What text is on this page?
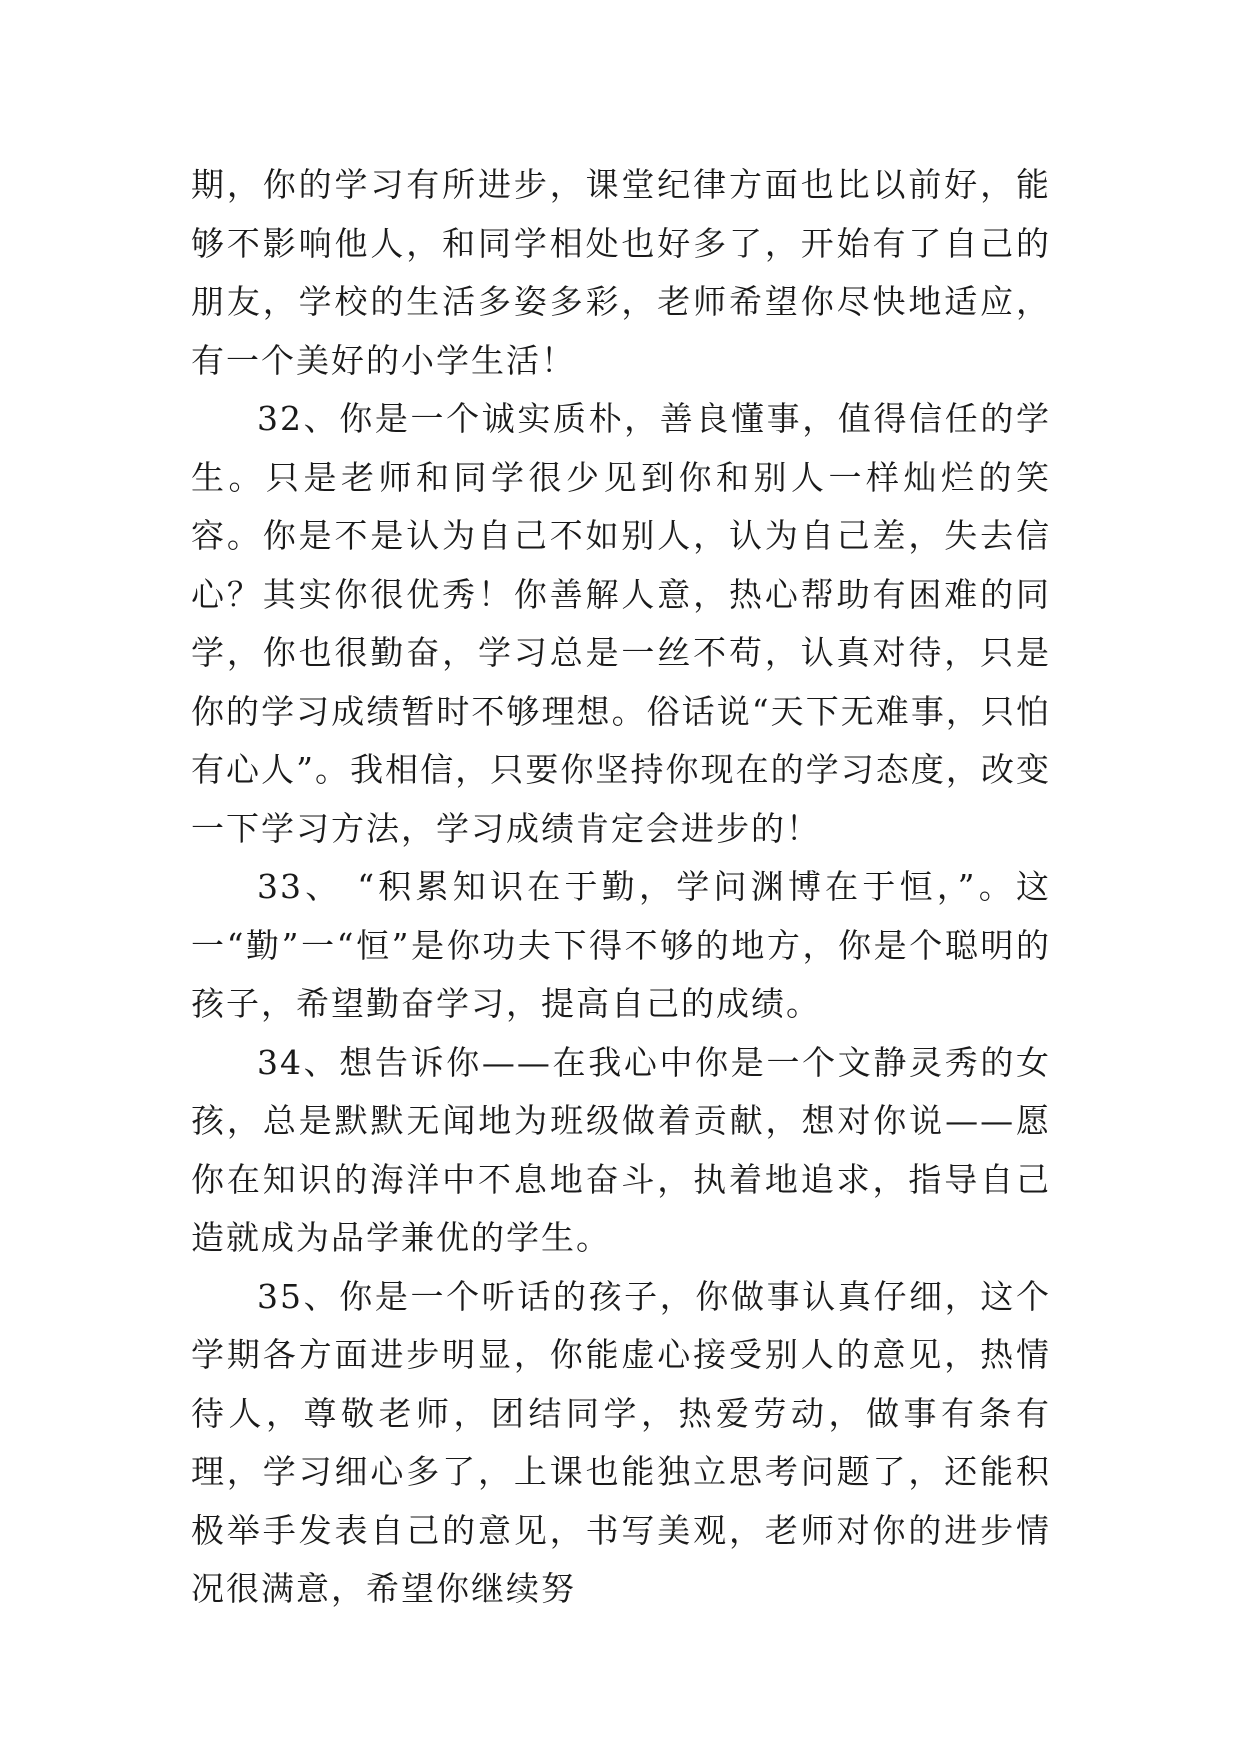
期，你的学习有所进步，课堂纪律方面也比以前好，能够不影响他人，和同学相处也好多了，开始有了自己的朋友，学校的生活多姿多彩，老师希望你尽快地适应，有一个美好的小学生活！

32、你是一个诚实质朴，善良懂事，值得信任的学生。只是老师和同学很少见到你和别人一样灿烂的笑容。你是不是认为自己不如别人，认为自己差，失去信心？其实你很优秀！你善解人意，热心帮助有困难的同学，你也很勤奋，学习总是一丝不苟，认真对待，只是你的学习成绩暂时不够理想。俗话说“天下无难事，只怕有心人”。我相信，只要你坚持你现在的学习态度，改变一下学习方法，学习成绩肯定会进步的！

33、 “积累知识在于勤，学问渊博在于恒，”。这一“勤”一“恒”是你功夫下得不够的地方，你是个聪明的孩子，希望勤奋学习，提高自己的成绩。

34、想告诉你——在我心中你是一个文静灵秀的女孩，总是默默无闻地为班级做着贡献，想对你说——愿你在知识的海洋中不息地奋斗，执着地追求，指导自己造就成为品学兼优的学生。

35、你是一个听话的孩子，你做事认真仔细，这个学期各方面进步明显，你能虚心接受别人的意见，热情待人，尊敬老师，团结同学，热爱劳动，做事有条有理，学习细心多了，上课也能独立思考问题了，还能积极举手发表自己的意见，书写美观，老师对你的进步情况很满意，希望你继续努
